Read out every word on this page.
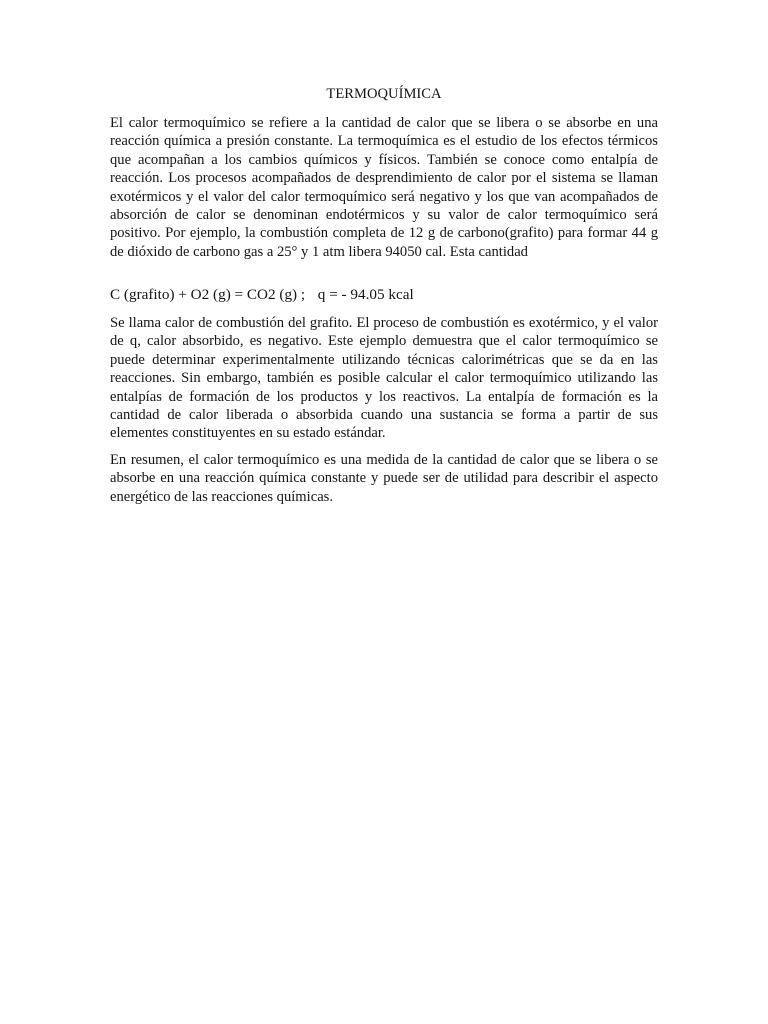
TERMOQUÍMICA

El calor termoquímico se refiere a la cantidad de calor que se libera o se absorbe en una reacción química a presión constante. La termoquímica es el estudio de los efectos térmicos que acompañan a los cambios químicos y físicos. También se conoce como entalpía de reacción. Los procesos acompañados de desprendimiento de calor por el sistema se llaman exotérmicos y el valor del calor termoquímico será negativo y los que van acompañados de absorción de calor se denominan endotérmicos y su valor de calor termoquímico será positivo. Por ejemplo, la combustión completa de 12 g de carbono(grafito) para formar 44 g de dióxido de carbono gas a 25° y 1 atm libera 94050 cal. Esta cantidad

C (grafito) + O2 (g) = CO2 (g) ; q = - 94.05 kcal

Se llama calor de combustión del grafito. El proceso de combustión es exotérmico, y el valor de q, calor absorbido, es negativo. Este ejemplo demuestra que el calor termoquímico se puede determinar experimentalmente utilizando técnicas calorimétricas que se da en las reacciones. Sin embargo, también es posible calcular el calor termoquímico utilizando las entalpías de formación de los productos y los reactivos. La entalpía de formación es la cantidad de calor liberada o absorbida cuando una sustancia se forma a partir de sus elementes constituyentes en su estado estándar.

En resumen, el calor termoquímico es una medida de la cantidad de calor que se libera o se absorbe en una reacción química constante y puede ser de utilidad para describir el aspecto energético de las reacciones químicas.
